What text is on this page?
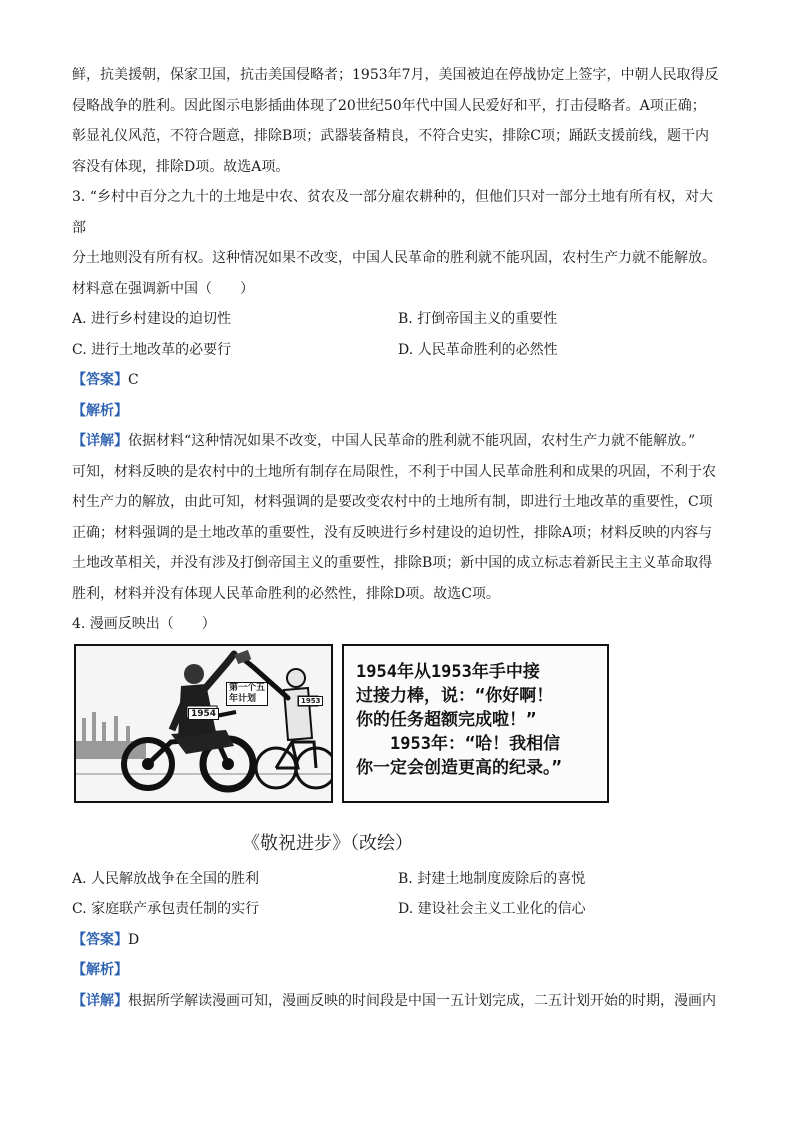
鲜，抗美援朝，保家卫国，抗击美国侵略者；1953年7月，美国被迫在停战协定上签字，中朝人民取得反

侵略战争的胜利。因此图示电影插曲体现了20世纪50年代中国人民爱好和平，打击侵略者。A项正确；

彰显礼仪风范，不符合题意，排除B项；武器装备精良，不符合史实，排除C项；踊跃支援前线，题干内

容没有体现，排除D项。故选A项。

3. “乡村中百分之九十的土地是中农、贫农及一部分雇农耕种的，但他们只对一部分土地有所有权，对大部

分土地则没有所有权。这种情况如果不改变，中国人民革命的胜利就不能巩固，农村生产力就不能解放。

材料意在强调新中国（　　）

A. 进行乡村建设的迫切性	B. 打倒帝国主义的重要性
C. 进行土地改革的必要行	D. 人民革命胜利的必然性

【答案】C

【解析】

【详解】依据材料“这种情况如果不改变，中国人民革命的胜利就不能巩固，农村生产力就不能解放。”

可知，材料反映的是农村中的土地所有制存在局限性，不利于中国人民革命胜利和成果的巩固，不利于农

村生产力的解放，由此可知，材料强调的是要改变农村中的土地所有制，即进行土地改革的重要性，C项

正确；材料强调的是土地改革的重要性，没有反映进行乡村建设的迫切性，排除A项；材料反映的内容与

土地改革相关，并没有涉及打倒帝国主义的重要性，排除B项；新中国的成立标志着新民主主义革命取得

胜利，材料并没有体现人民革命胜利的必然性，排除D项。故选C项。

4. 漫画反映出（　　）

1954
第一个五年计划	1953
1954年从1953年手中接
过接力棒，说：“你好啊！
你的任务超额完成啦！”
　　1953年：“哈！我相信
你一定会创造更高的纪录。”
《敬祝进步》（改绘）
A. 人民解放战争在全国的胜利	B. 封建土地制度废除后的喜悦
C. 家庭联产承包责任制的实行	D. 建设社会主义工业化的信心

【答案】D

【解析】

【详解】根据所学解读漫画可知，漫画反映的时间段是中国一五计划完成，二五计划开始的时期，漫画内
